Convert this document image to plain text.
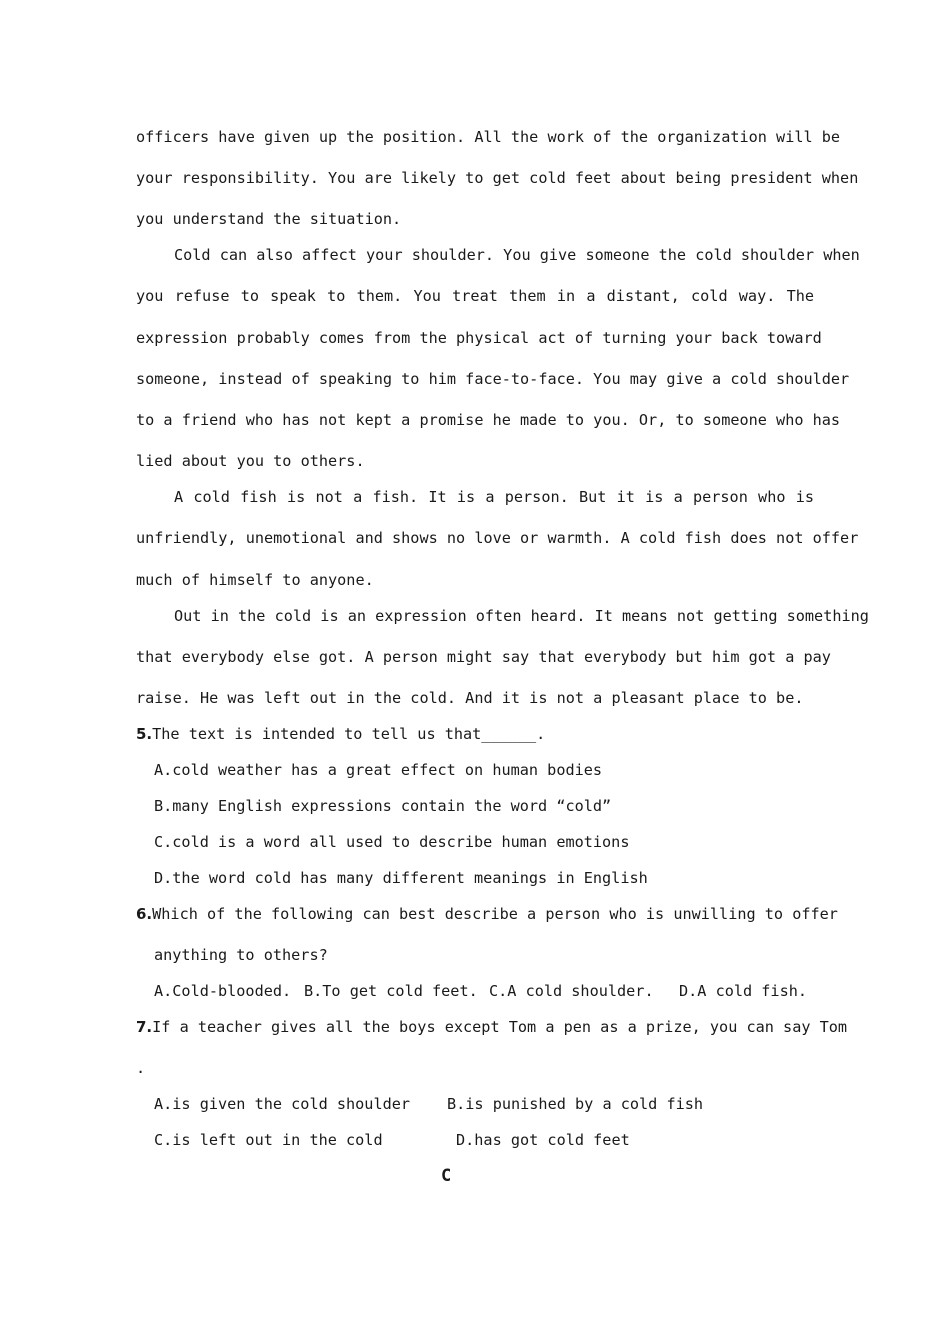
officers have given up the position. All the work of the organization will be
your responsibility. You are likely to get cold feet about being president when
you understand the situation.
Cold can also affect your shoulder. You give someone the cold shoulder when
you refuse to speak to them. You treat them in a distant, cold way. The
expression probably comes from the physical act of turning your back toward
someone, instead of speaking to him face-to-face. You may give a cold shoulder
to a friend who has not kept a promise he made to you. Or, to someone who has
lied about you to others.
A cold fish is not a fish. It is a person. But it is a person who is
unfriendly, unemotional and shows no love or warmth. A cold fish does not offer
much of himself to anyone.
Out in the cold is an expression often heard. It means not getting something
that everybody else got. A person might say that everybody but him got a pay
raise. He was left out in the cold. And it is not a pleasant place to be.
5.The text is intended to tell us that______.
A.cold weather has a great effect on human bodies
B.many English expressions contain the word “cold”
C.cold is a word all used to describe human emotions
D.the word cold has many different meanings in English
6.Which of the following can best describe a person who is unwilling to offer
anything to others?
A.Cold-blooded. B.To get cold feet. C.A cold shoulder. D.A cold fish.
7.If a teacher gives all the boys except Tom a pen as a prize, you can say Tom
.
A.is given the cold shoulder B.is punished by a cold fish
C.is left out in the cold	D.has got cold feet
C
